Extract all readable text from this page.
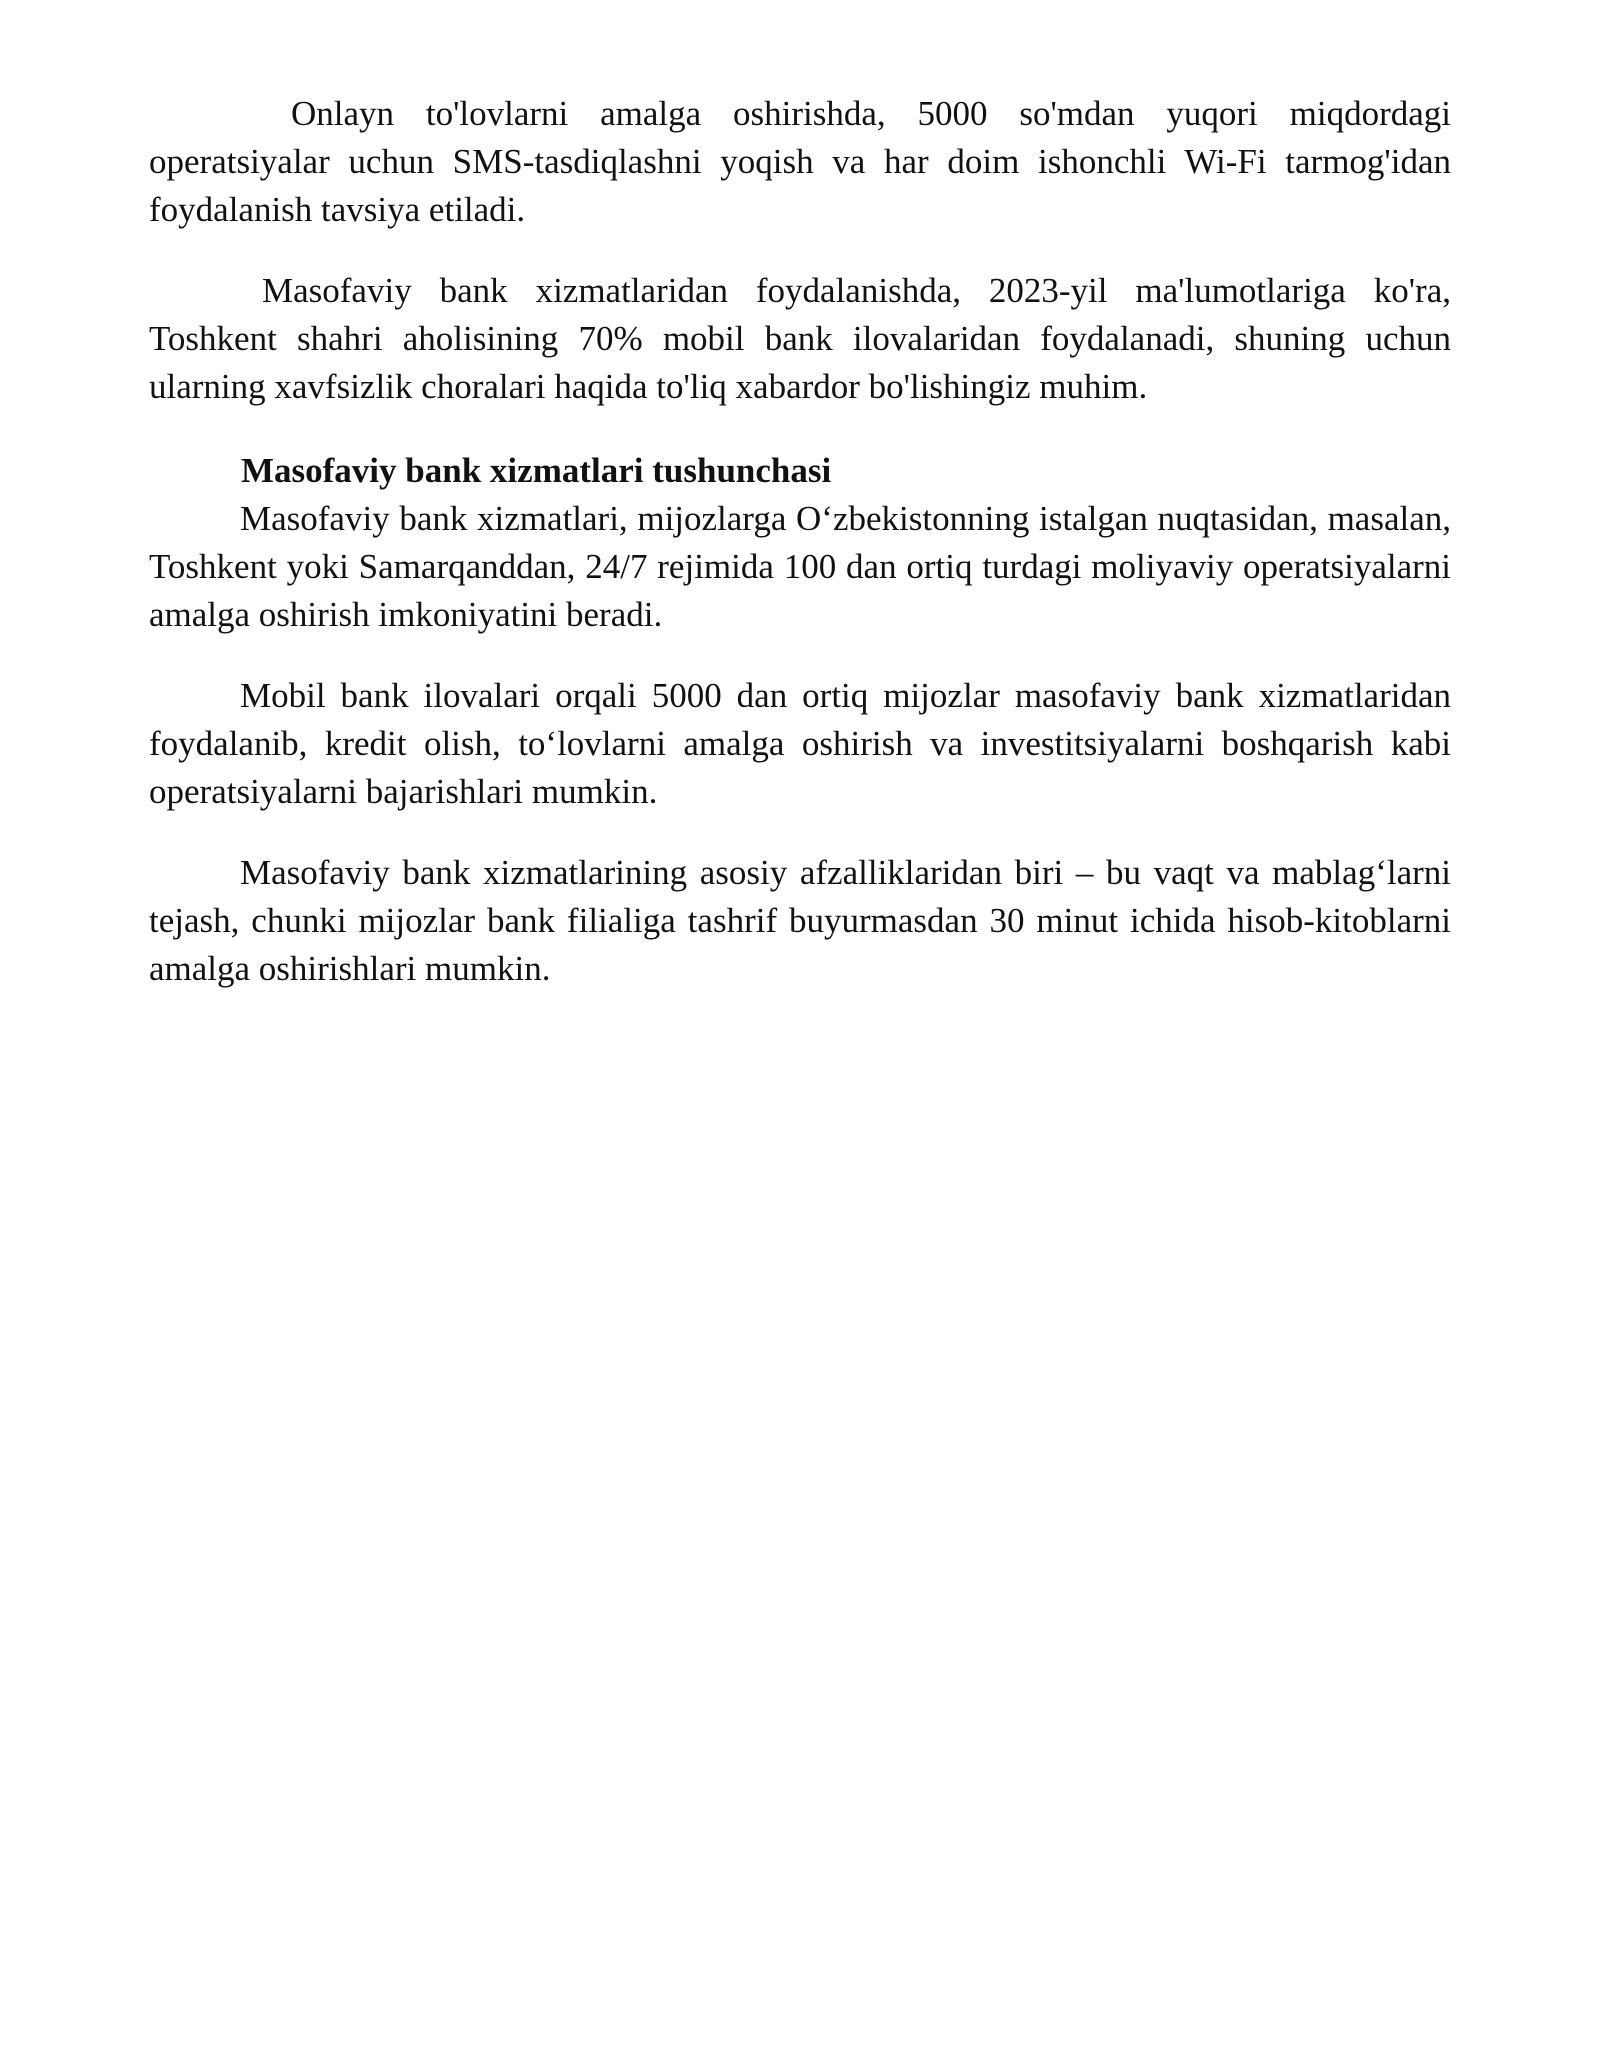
Onlayn to'lovlarni amalga oshirishda, 5000 so'mdan yuqori miqdordagi operatsiyalar uchun SMS-tasdiqlashni yoqish va har doim ishonchli Wi-Fi tarmog'idan foydalanish tavsiya etiladi.

Masofaviy bank xizmatlaridan foydalanishda, 2023-yil ma'lumotlariga ko'ra, Toshkent shahri aholisining 70% mobil bank ilovalaridan foydalanadi, shuning uchun ularning xavfsizlik choralari haqida to'liq xabardor bo'lishingiz muhim.

Masofaviy bank xizmatlari tushunchasi

Masofaviy bank xizmatlari, mijozlarga O‘zbekistonning istalgan nuqtasidan, masalan, Toshkent yoki Samarqanddan, 24/7 rejimida 100 dan ortiq turdagi moliyaviy operatsiyalarni amalga oshirish imkoniyatini beradi.

Mobil bank ilovalari orqali 5000 dan ortiq mijozlar masofaviy bank xizmatlaridan foydalanib, kredit olish, to‘lovlarni amalga oshirish va investitsiyalarni boshqarish kabi operatsiyalarni bajarishlari mumkin.

Masofaviy bank xizmatlarining asosiy afzalliklaridan biri – bu vaqt va mablag‘larni tejash, chunki mijozlar bank filialiga tashrif buyurmasdan 30 minut ichida hisob-kitoblarni amalga oshirishlari mumkin.
